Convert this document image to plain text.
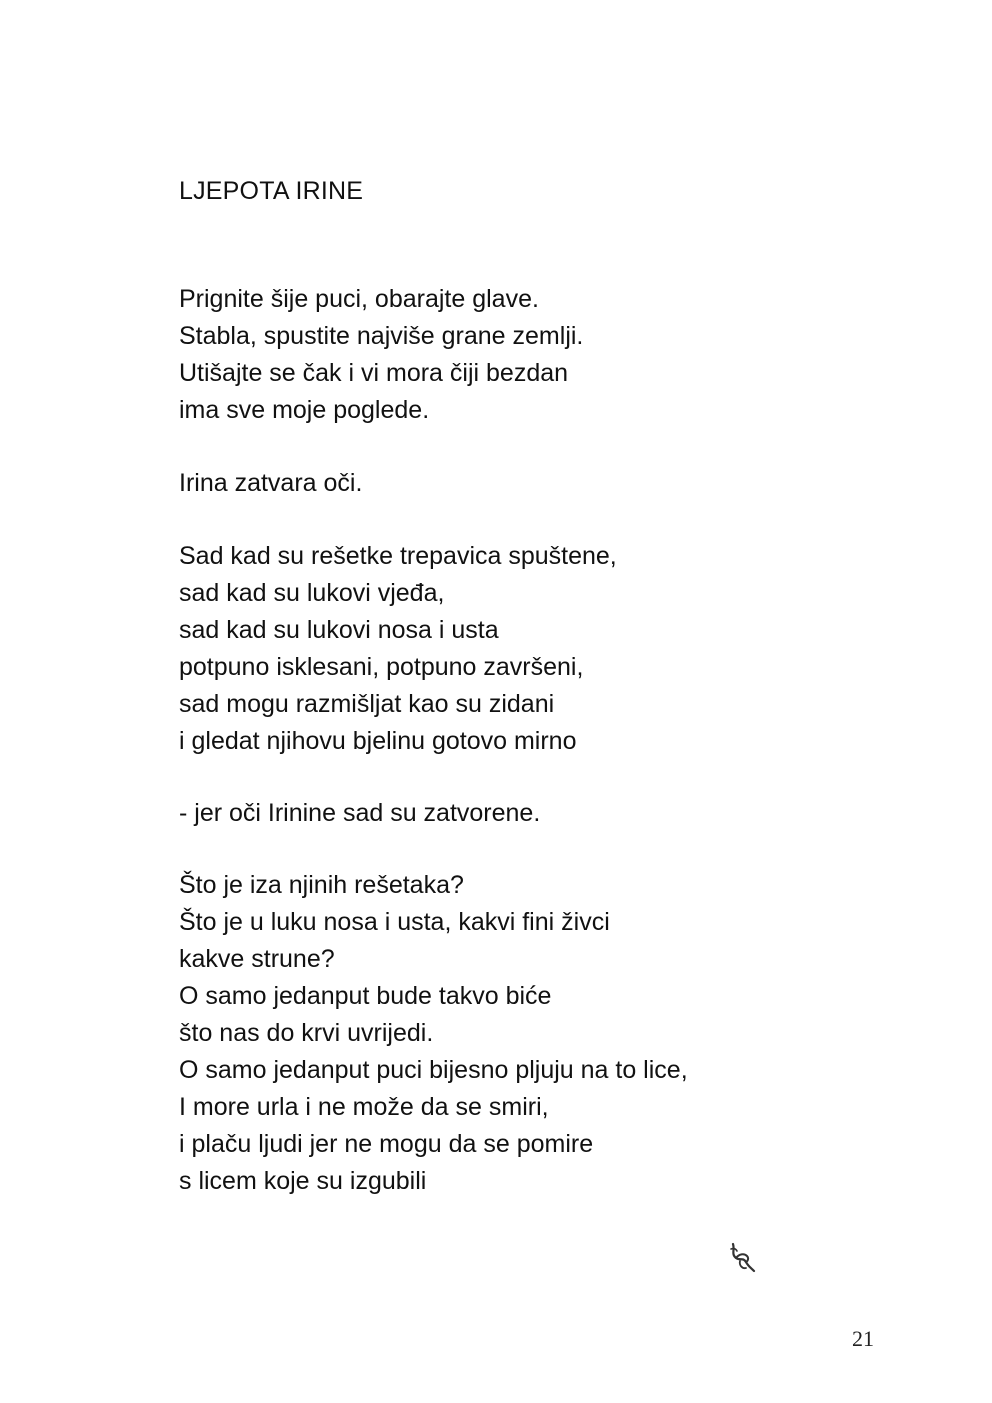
LJEPOTA IRINE
Prignite šije puci, obarajte glave.
Stabla, spustite najviše grane zemlji.
Utišajte se čak i vi mora čiji bezdan
ima sve moje poglede.
Irina zatvara oči.
Sad kad su rešetke trepavica spuštene,
sad kad su lukovi vjeđa,
sad kad su lukovi nosa i usta
potpuno isklesani, potpuno završeni,
sad mogu razmišljat kao su zidani
i gledat njihovu bjelinu gotovo mirno
- jer oči Irinine sad su zatvorene.
Što je iza njinih rešetaka?
Što je u luku nosa i usta, kakvi fini živci
kakve strune?
O samo jedanput bude takvo biće
što nas do krvi uvrijedi.
O samo jedanput puci bijesno pljuju na to lice,
I more urla i ne može da se smiri,
i plaču ljudi jer ne mogu da se pomire
s licem koje su izgubili
21
